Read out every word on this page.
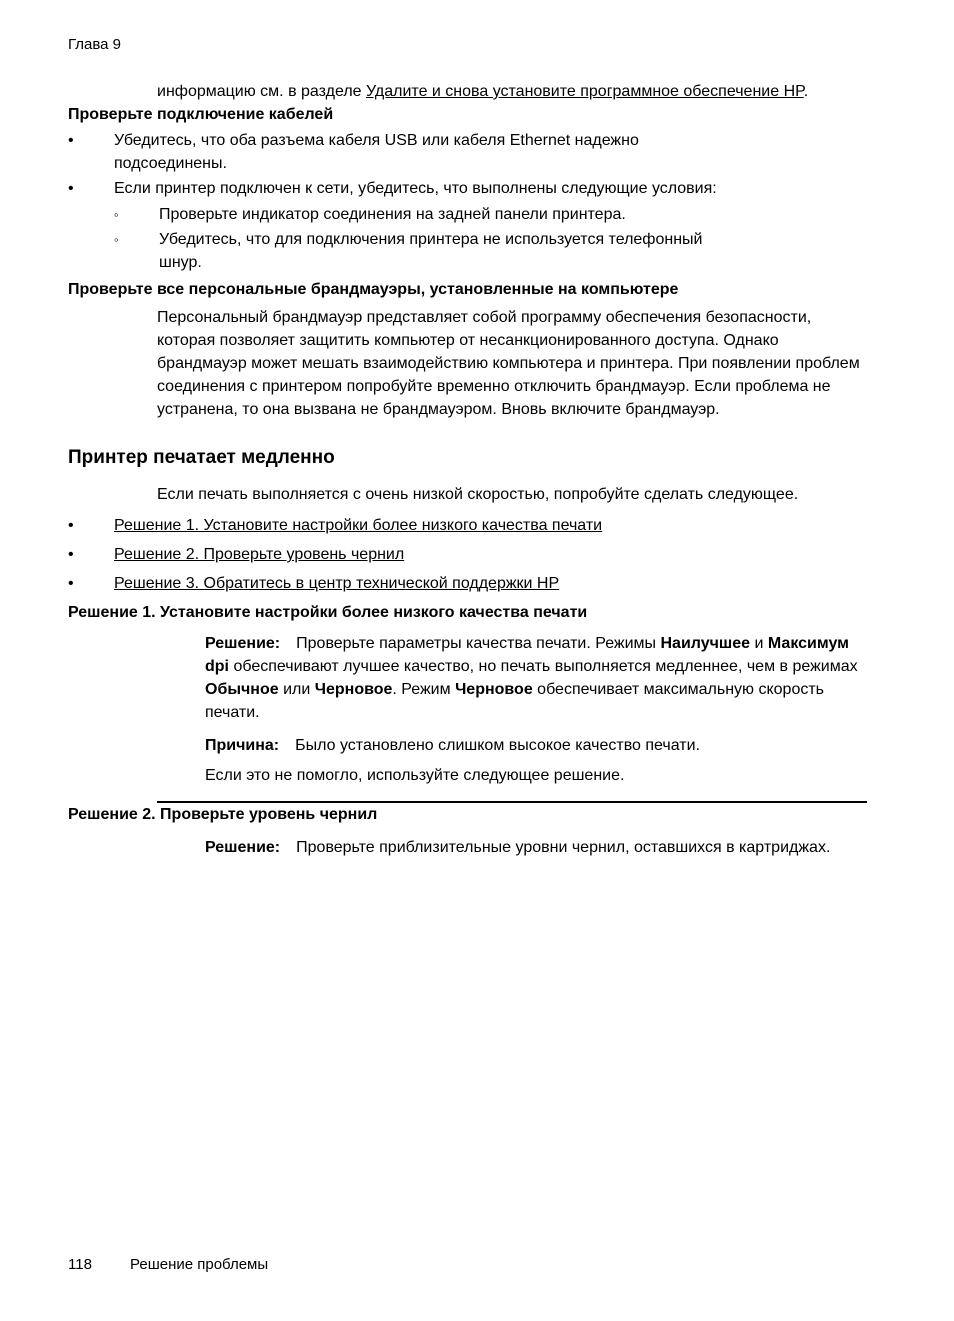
Глава 9

информацию см. в разделе Удалите и снова установите программное обеспечение HP.

Проверьте подключение кабелей
•	Убедитесь, что оба разъема кабеля USB или кабеля Ethernet надежно подсоединены.
•	Если принтер подключен к сети, убедитесь, что выполнены следующие условия:
◦	Проверьте индикатор соединения на задней панели принтера.
◦	Убедитесь, что для подключения принтера не используется телефонный шнур.
Проверьте все персональные брандмауэры, установленные на компьютере

Персональный брандмауэр представляет собой программу обеспечения безопасности, которая позволяет защитить компьютер от несанкционированного доступа. Однако брандмауэр может мешать взаимодействию компьютера и принтера. При появлении проблем соединения с принтером попробуйте временно отключить брандмауэр. Если проблема не устранена, то она вызвана не брандмауэром. Вновь включите брандмауэр.

Принтер печатает медленно

Если печать выполняется с очень низкой скоростью, попробуйте сделать следующее.

•	Решение 1. Установите настройки более низкого качества печати
•	Решение 2. Проверьте уровень чернил
•	Решение 3. Обратитесь в центр технической поддержки HP
Решение 1. Установите настройки более низкого качества печати

Решение: Проверьте параметры качества печати. Режимы Наилучшее и Максимум dpi обеспечивают лучшее качество, но печать выполняется медленнее, чем в режимах Обычное или Черновое. Режим Черновое обеспечивает максимальную скорость печати.

Причина: Было установлено слишком высокое качество печати.

Если это не помогло, используйте следующее решение.

Решение 2. Проверьте уровень чернил

Решение: Проверьте приблизительные уровни чернил, оставшихся в картриджах.

118	Решение проблемы
